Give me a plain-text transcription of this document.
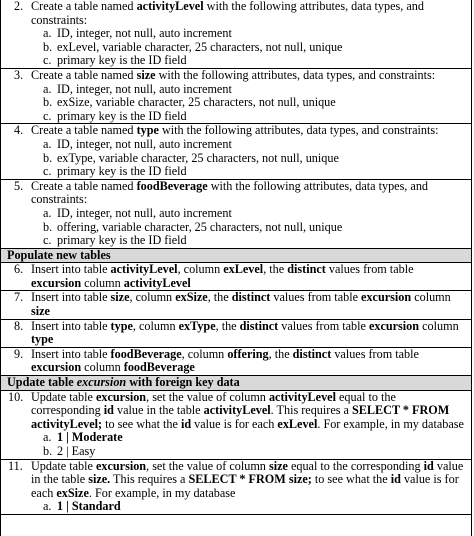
2. Create a table named activityLevel with the following attributes, data types, and constraints:
a. ID, integer, not null, auto increment
b. exLevel, variable character, 25 characters, not null, unique
c. primary key is the ID field
3. Create a table named size with the following attributes, data types, and constraints:
a. ID, integer, not null, auto increment
b. exSize, variable character, 25 characters, not null, unique
c. primary key is the ID field
4. Create a table named type with the following attributes, data types, and constraints:
a. ID, integer, not null, auto increment
b. exType, variable character, 25 characters, not null, unique
c. primary key is the ID field
5. Create a table named foodBeverage with the following attributes, data types, and constraints:
a. ID, integer, not null, auto increment
b. offering, variable character, 25 characters, not null, unique
c. primary key is the ID field
Populate new tables
6. Insert into table activityLevel, column exLevel, the distinct values from table excursion column activityLevel
7. Insert into table size, column exSize, the distinct values from table excursion column size
8. Insert into table type, column exType, the distinct values from table excursion column type
9. Insert into table foodBeverage, column offering, the distinct values from table excursion column foodBeverage
Update table excursion with foreign key data
10. Update table excursion, set the value of column activityLevel equal to the corresponding id value in the table activityLevel. This requires a SELECT * FROM activityLevel; to see what the id value is for each exLevel. For example, in my database
a. 1 | Moderate
b. 2 | Easy
11. Update table excursion, set the value of column size equal to the corresponding id value in the table size. This requires a SELECT * FROM size; to see what the id value is for each exSize. For example, in my database
a. 1 | Standard
